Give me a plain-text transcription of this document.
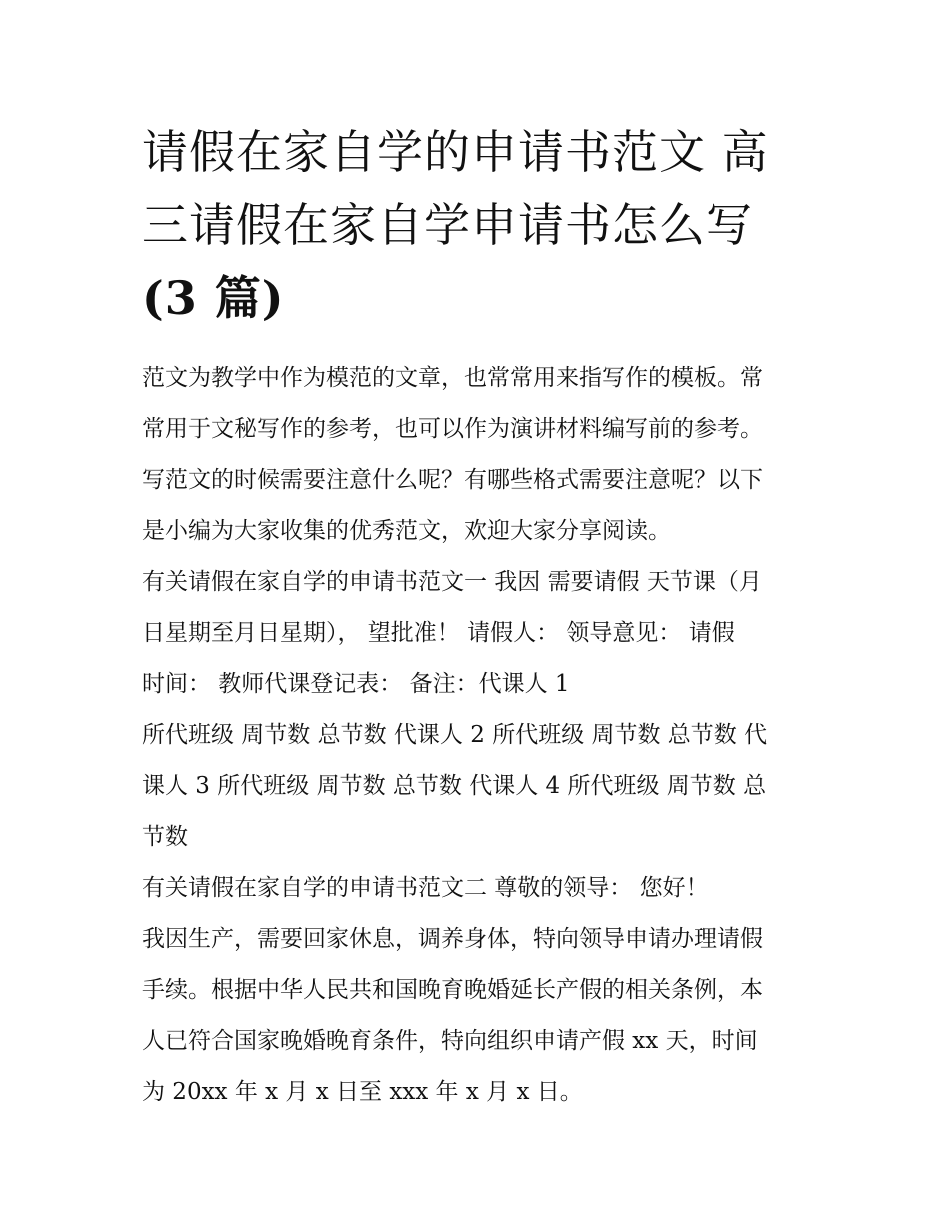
请假在家自学的申请书范文 高
三请假在家自学申请书怎么写
(3 篇)
范文为教学中作为模范的文章，也常常用来指写作的模板。常
常用于文秘写作的参考，也可以作为演讲材料编写前的参考。
写范文的时候需要注意什么呢？有哪些格式需要注意呢？以下
是小编为大家收集的优秀范文，欢迎大家分享阅读。
有关请假在家自学的申请书范文一 我因 需要请假 天节课（月
日星期至月日星期）， 望批准！ 请假人： 领导意见： 请假
时间： 教师代课登记表： 备注：代课人 1
所代班级 周节数 总节数 代课人 2 所代班级 周节数 总节数 代
课人 3 所代班级 周节数 总节数 代课人 4 所代班级 周节数 总
节数
有关请假在家自学的申请书范文二 尊敬的领导： 您好！
我因生产，需要回家休息，调养身体，特向领导申请办理请假
手续。根据中华人民共和国晚育晚婚延长产假的相关条例，本
人已符合国家晚婚晚育条件，特向组织申请产假 xx 天，时间
为 20xx 年 x 月 x 日至 xxx 年 x 月 x 日。
